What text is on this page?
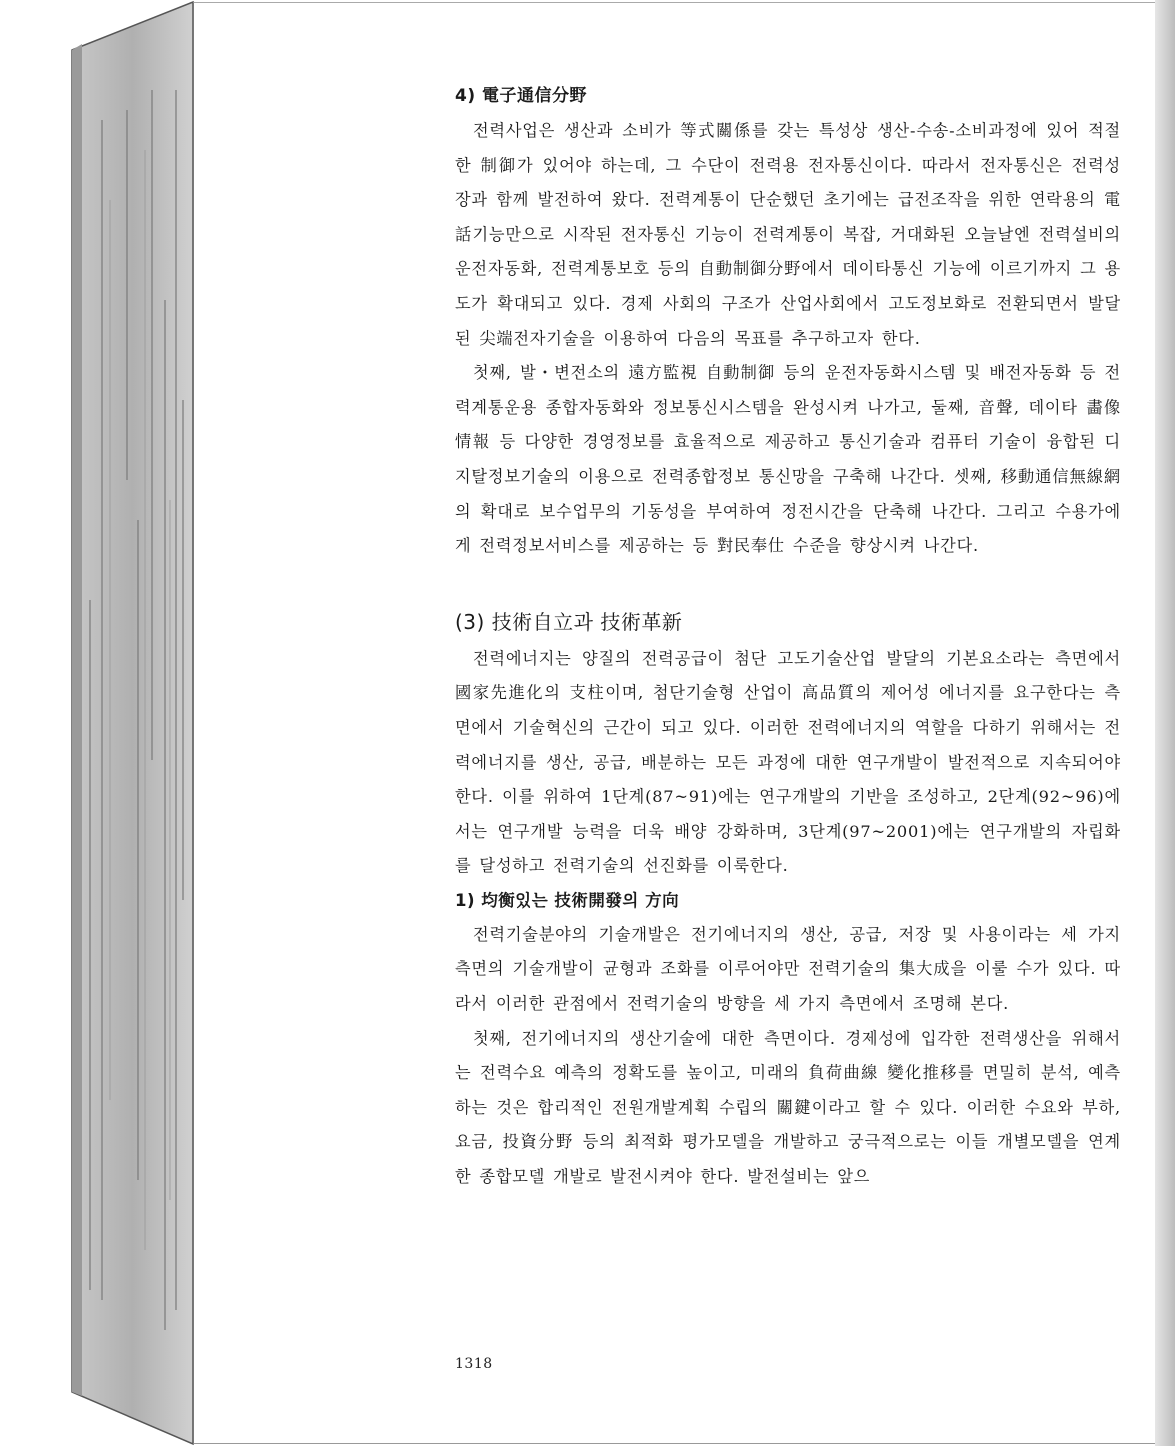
4) 電子通信分野

전력사업은 생산과 소비가 等式關係를 갖는 특성상 생산-수송-소비과정에 있어 적절한 制御가 있어야 하는데, 그 수단이 전력용 전자통신이다. 따라서 전자통신은 전력성장과 함께 발전하여 왔다. 전력계통이 단순했던 초기에는 급전조작을 위한 연락용의 電話기능만으로 시작된 전자통신 기능이 전력계통이 복잡, 거대화된 오늘날엔 전력설비의 운전자동화, 전력계통보호 등의 自動制御分野에서 데이타통신 기능에 이르기까지 그 용도가 확대되고 있다. 경제 사회의 구조가 산업사회에서 고도정보화로 전환되면서 발달된 尖端전자기술을 이용하여 다음의 목표를 추구하고자 한다.

첫째, 발・변전소의 遠方監視 自動制御 등의 운전자동화시스템 및 배전자동화 등 전력계통운용 종합자동화와 정보통신시스템을 완성시켜 나가고, 둘째, 音聲, 데이타 畵像情報 등 다양한 경영정보를 효율적으로 제공하고 통신기술과 컴퓨터 기술이 융합된 디지탈정보기술의 이용으로 전력종합정보 통신망을 구축해 나간다. 셋째, 移動通信無線網의 확대로 보수업무의 기동성을 부여하여 정전시간을 단축해 나간다. 그리고 수용가에게 전력정보서비스를 제공하는 등 對民奉仕 수준을 향상시켜 나간다.

(3) 技術自立과 技術革新

전력에너지는 양질의 전력공급이 첨단 고도기술산업 발달의 기본요소라는 측면에서 國家先進化의 支柱이며, 첨단기술형 산업이 高品質의 제어성 에너지를 요구한다는 측면에서 기술혁신의 근간이 되고 있다. 이러한 전력에너지의 역할을 다하기 위해서는 전력에너지를 생산, 공급, 배분하는 모든 과정에 대한 연구개발이 발전적으로 지속되어야 한다. 이를 위하여 1단계(87~91)에는 연구개발의 기반을 조성하고, 2단계(92~96)에서는 연구개발 능력을 더욱 배양 강화하며, 3단계(97~2001)에는 연구개발의 자립화를 달성하고 전력기술의 선진화를 이룩한다.

1) 均衡있는 技術開發의 方向

전력기술분야의 기술개발은 전기에너지의 생산, 공급, 저장 및 사용이라는 세 가지 측면의 기술개발이 균형과 조화를 이루어야만 전력기술의 集大成을 이룰 수가 있다. 따라서 이러한 관점에서 전력기술의 방향을 세 가지 측면에서 조명해 본다.

첫째, 전기에너지의 생산기술에 대한 측면이다. 경제성에 입각한 전력생산을 위해서는 전력수요 예측의 정확도를 높이고, 미래의 負荷曲線 變化推移를 면밀히 분석, 예측하는 것은 합리적인 전원개발계획 수립의 關鍵이라고 할 수 있다. 이러한 수요와 부하, 요금, 投資分野 등의 최적화 평가모델을 개발하고 궁극적으로는 이들 개별모델을 연계한 종합모델 개발로 발전시켜야 한다. 발전설비는 앞으

1318
